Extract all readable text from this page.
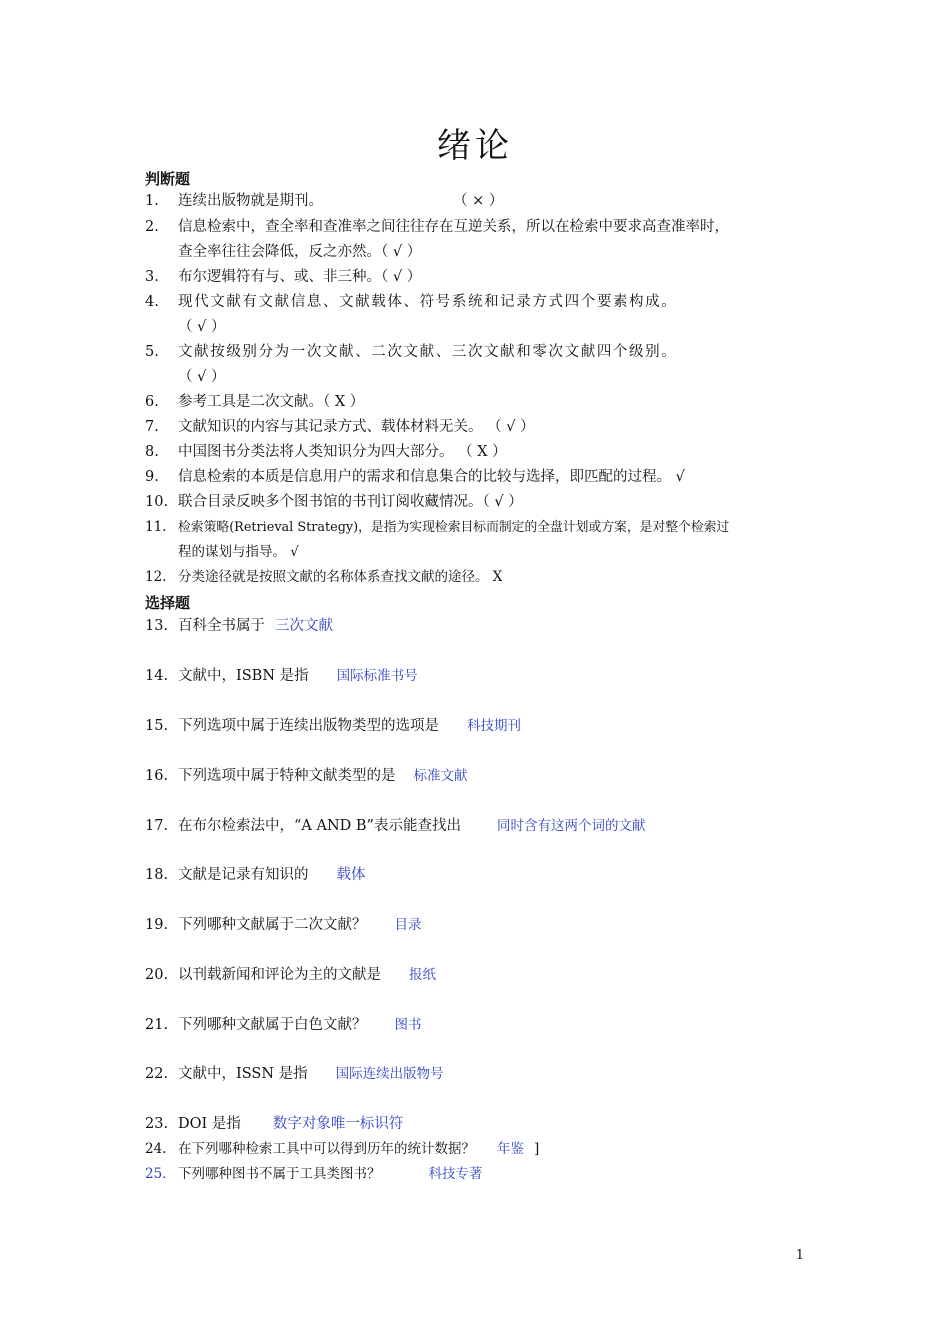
绪论
判断题
1. 连续出版物就是期刊。	（ × ）
2. 信息检索中，查全率和查准率之间往往存在互逆关系，所以在检索中要求高查准率时，
查全率往往会降低，反之亦然。（ √ ）
3. 布尔逻辑符有与、或、非三种。（ √ ）
4. 现 代 文 献 有 文 献 信 息 、 文 献 载 体 、 符 号 系 统 和 记 录 方 式 四 个 要 素 构 成 。
（ √ ）
5. 文 献 按 级 别 分 为 一 次 文 献 、 二 次 文 献 、 三 次 文 献 和 零 次 文 献 四 个 级 别 。
（ √ ）
6. 参考工具是二次文献。（ X ）
7. 文献知识的内容与其记录方式、载体材料无关。 （ √ ）
8. 中国图书分类法将人类知识分为四大部分。 （ X ）
9. 信息检索的本质是信息用户的需求和信息集合的比较与选择，即匹配的过程。 √
10. 联合目录反映多个图书馆的书刊订阅收藏情况。（ √ ）
11. 检索策略(Retrieval Strategy)，是指为实现检索目标而制定的全盘计划或方案，是对整个检索过
程的谋划与指导。 √
12. 分类途径就是按照文献的名称体系查找文献的途径。 X
选择题
13. 百科全书属于 三次文献
14. 文献中，ISBN 是指 国际标准书号
15. 下列选项中属于连续出版物类型的选项是 科技期刊
16. 下列选项中属于特种文献类型的是 标准文献
17. 在布尔检索法中，“A AND B”表示能查找出	同时含有这两个词的文献
18. 文献是记录有知识的 载体
19. 下列哪种文献属于二次文献？ 目录
20. 以刊载新闻和评论为主的文献是 报纸
21. 下列哪种文献属于白色文献？ 图书
22. 文献中，ISSN 是指 国际连续出版物号
23. DOI 是指 数字对象唯一标识符
24. 在下列哪种检索工具中可以得到历年的统计数据？ 年鉴 ]
25. 下列哪种图书不属于工具类图书？	科技专著
1
